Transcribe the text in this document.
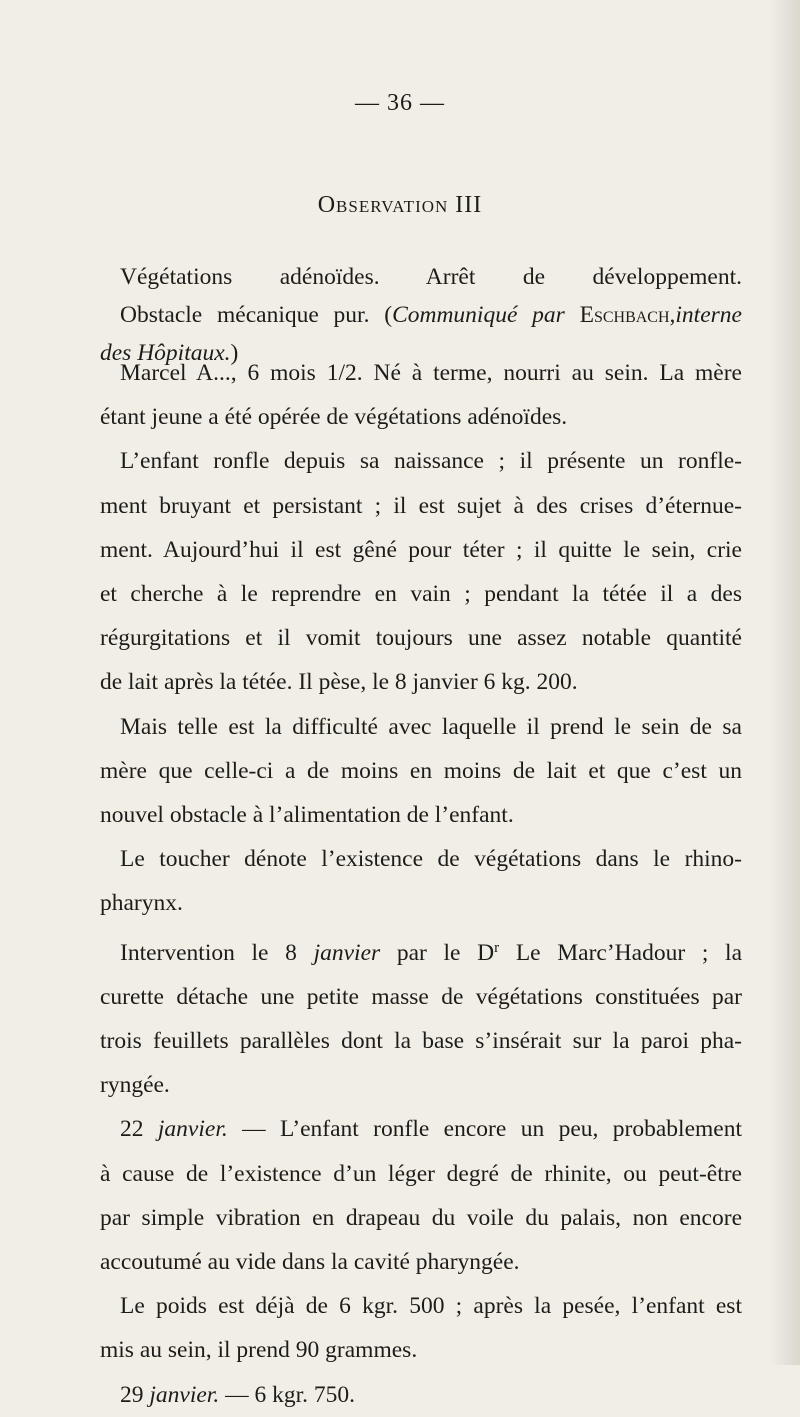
— 36 —
Observation III
Végétations adénoïdes. Arrêt de développement.
Obstacle mécanique pur. (Communiqué par Eschbach,interne
des Hôpitaux.)
Marcel A..., 6 mois 1/2. Né à terme, nourri au sein. La mère
étant jeune a été opérée de végétations adénoïdes.
L’enfant ronfle depuis sa naissance ; il présente un ronfle-
ment bruyant et persistant ; il est sujet à des crises d’éternue-
ment. Aujourd’hui il est gêné pour téter ; il quitte le sein, crie
et cherche à le reprendre en vain ; pendant la tétée il a des
régurgitations et il vomit toujours une assez notable quantité
de lait après la tétée. Il pèse, le 8 janvier 6 kg. 200.
Mais telle est la difficulté avec laquelle il prend le sein de sa
mère que celle-ci a de moins en moins de lait et que c’est un
nouvel obstacle à l’alimentation de l’enfant.
Le toucher dénote l’existence de végétations dans le rhino-
pharynx.
Intervention le 8 janvier par le $D^r$ Le Marc’Hadour ; la
curette détache une petite masse de végétations constituées par
trois feuillets parallèles dont la base s’insérait sur la paroi pha-
ryngée.
22 janvier. — L’enfant ronfle encore un peu, probablement
à cause de l’existence d’un léger degré de rhinite, ou peut-être
par simple vibration en drapeau du voile du palais, non encore
accoutumé au vide dans la cavité pharyngée.
Le poids est déjà de 6 kgr. 500 ; après la pesée, l’enfant est
mis au sein, il prend 90 grammes.
29 janvier. — 6 kgr. 750.
